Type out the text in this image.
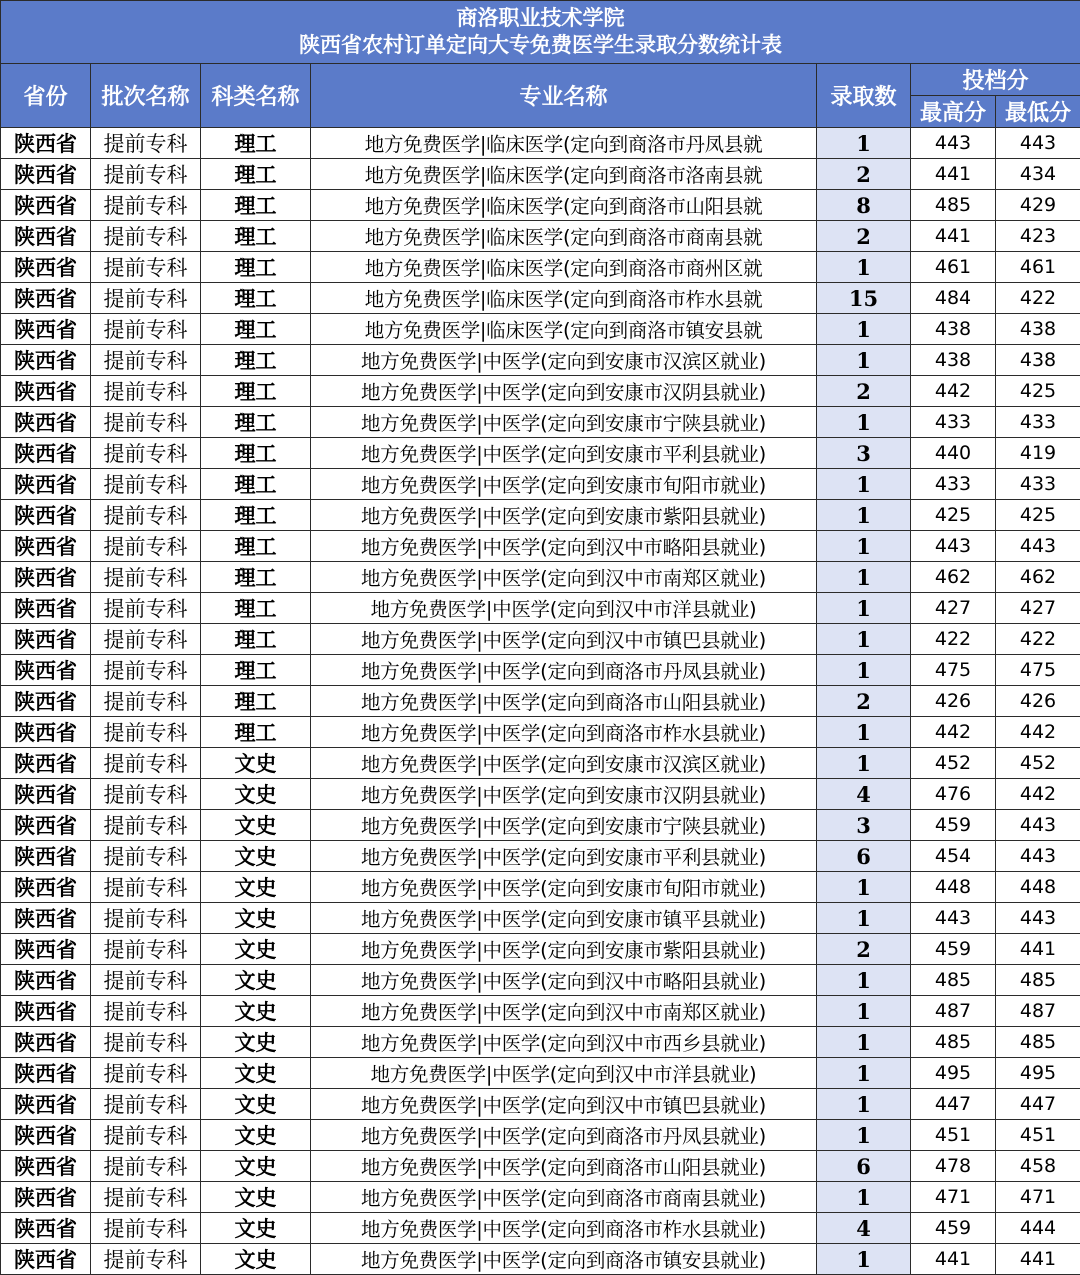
商洛职业技术学院
陕西省农村订单定向大专免费医学生录取分数统计表						

省份	批次名称	科类名称	专业名称	录取数	投档分	
					最高分	最低分
陕西省	提前专科	理工	地方免费医学|临床医学(定向到商洛市丹凤县就	1	443	443
陕西省	提前专科	理工	地方免费医学|临床医学(定向到商洛市洛南县就	2	441	434
陕西省	提前专科	理工	地方免费医学|临床医学(定向到商洛市山阳县就	8	485	429
陕西省	提前专科	理工	地方免费医学|临床医学(定向到商洛市商南县就	2	441	423
陕西省	提前专科	理工	地方免费医学|临床医学(定向到商洛市商州区就	1	461	461
陕西省	提前专科	理工	地方免费医学|临床医学(定向到商洛市柞水县就	15	484	422
陕西省	提前专科	理工	地方免费医学|临床医学(定向到商洛市镇安县就	1	438	438
陕西省	提前专科	理工	地方免费医学|中医学(定向到安康市汉滨区就业)	1	438	438
陕西省	提前专科	理工	地方免费医学|中医学(定向到安康市汉阴县就业)	2	442	425
陕西省	提前专科	理工	地方免费医学|中医学(定向到安康市宁陕县就业)	1	433	433
陕西省	提前专科	理工	地方免费医学|中医学(定向到安康市平利县就业)	3	440	419
陕西省	提前专科	理工	地方免费医学|中医学(定向到安康市旬阳市就业)	1	433	433
陕西省	提前专科	理工	地方免费医学|中医学(定向到安康市紫阳县就业)	1	425	425
陕西省	提前专科	理工	地方免费医学|中医学(定向到汉中市略阳县就业)	1	443	443
陕西省	提前专科	理工	地方免费医学|中医学(定向到汉中市南郑区就业)	1	462	462
陕西省	提前专科	理工	地方免费医学|中医学(定向到汉中市洋县就业)	1	427	427
陕西省	提前专科	理工	地方免费医学|中医学(定向到汉中市镇巴县就业)	1	422	422
陕西省	提前专科	理工	地方免费医学|中医学(定向到商洛市丹凤县就业)	1	475	475
陕西省	提前专科	理工	地方免费医学|中医学(定向到商洛市山阳县就业)	2	426	426
陕西省	提前专科	理工	地方免费医学|中医学(定向到商洛市柞水县就业)	1	442	442
陕西省	提前专科	文史	地方免费医学|中医学(定向到安康市汉滨区就业)	1	452	452
陕西省	提前专科	文史	地方免费医学|中医学(定向到安康市汉阴县就业)	4	476	442
陕西省	提前专科	文史	地方免费医学|中医学(定向到安康市宁陕县就业)	3	459	443
陕西省	提前专科	文史	地方免费医学|中医学(定向到安康市平利县就业)	6	454	443
陕西省	提前专科	文史	地方免费医学|中医学(定向到安康市旬阳市就业)	1	448	448
陕西省	提前专科	文史	地方免费医学|中医学(定向到安康市镇平县就业)	1	443	443
陕西省	提前专科	文史	地方免费医学|中医学(定向到安康市紫阳县就业)	2	459	441
陕西省	提前专科	文史	地方免费医学|中医学(定向到汉中市略阳县就业)	1	485	485
陕西省	提前专科	文史	地方免费医学|中医学(定向到汉中市南郑区就业)	1	487	487
陕西省	提前专科	文史	地方免费医学|中医学(定向到汉中市西乡县就业)	1	485	485
陕西省	提前专科	文史	地方免费医学|中医学(定向到汉中市洋县就业)	1	495	495
陕西省	提前专科	文史	地方免费医学|中医学(定向到汉中市镇巴县就业)	1	447	447
陕西省	提前专科	文史	地方免费医学|中医学(定向到商洛市丹凤县就业)	1	451	451
陕西省	提前专科	文史	地方免费医学|中医学(定向到商洛市山阳县就业)	6	478	458
陕西省	提前专科	文史	地方免费医学|中医学(定向到商洛市商南县就业)	1	471	471
陕西省	提前专科	文史	地方免费医学|中医学(定向到商洛市柞水县就业)	4	459	444
陕西省	提前专科	文史	地方免费医学|中医学(定向到商洛市镇安县就业)	1	441	441
